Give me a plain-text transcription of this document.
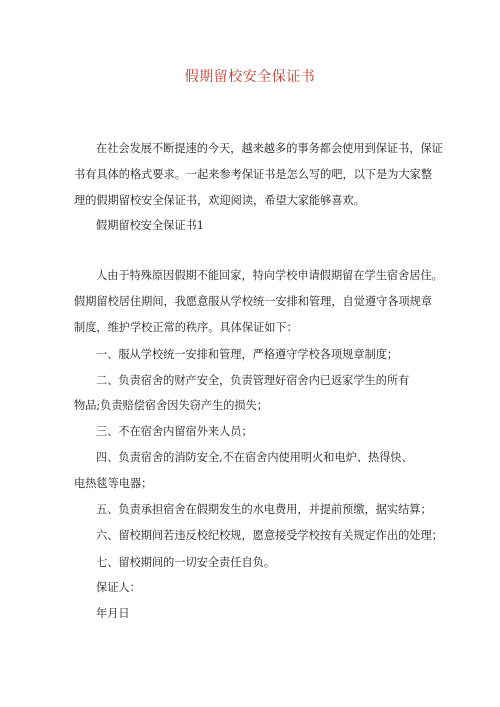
假期留校安全保证书
在社会发展不断提速的今天，越来越多的事务都会使用到保证书，保证
书有具体的格式要求。一起来参考保证书是怎么写的吧，以下是为大家整
理的假期留校安全保证书，欢迎阅读，希望大家能够喜欢。
假期留校安全保证书1
人由于特殊原因假期不能回家，特向学校申请假期留在学生宿舍居住。
假期留校居住期间，我愿意服从学校统一安排和管理，自觉遵守各项规章
制度，维护学校正常的秩序。具体保证如下：
一、服从学校统一安排和管理，严格遵守学校各项规章制度；
二、负责宿舍的财产安全，负责管理好宿舍内已返家学生的所有
物品;负责赔偿宿舍因失窃产生的损失；
三、不在宿舍内留宿外来人员；
四、负责宿舍的消防安全,不在宿舍内使用明火和电炉、热得快、
电热毯等电器；
五、负责承担宿舍在假期发生的水电费用，并提前预缴，据实结算；
六、留校期间若违反校纪校规，愿意接受学校按有关规定作出的处理；
七、留校期间的一切安全责任自负。
保证人：
年月日
